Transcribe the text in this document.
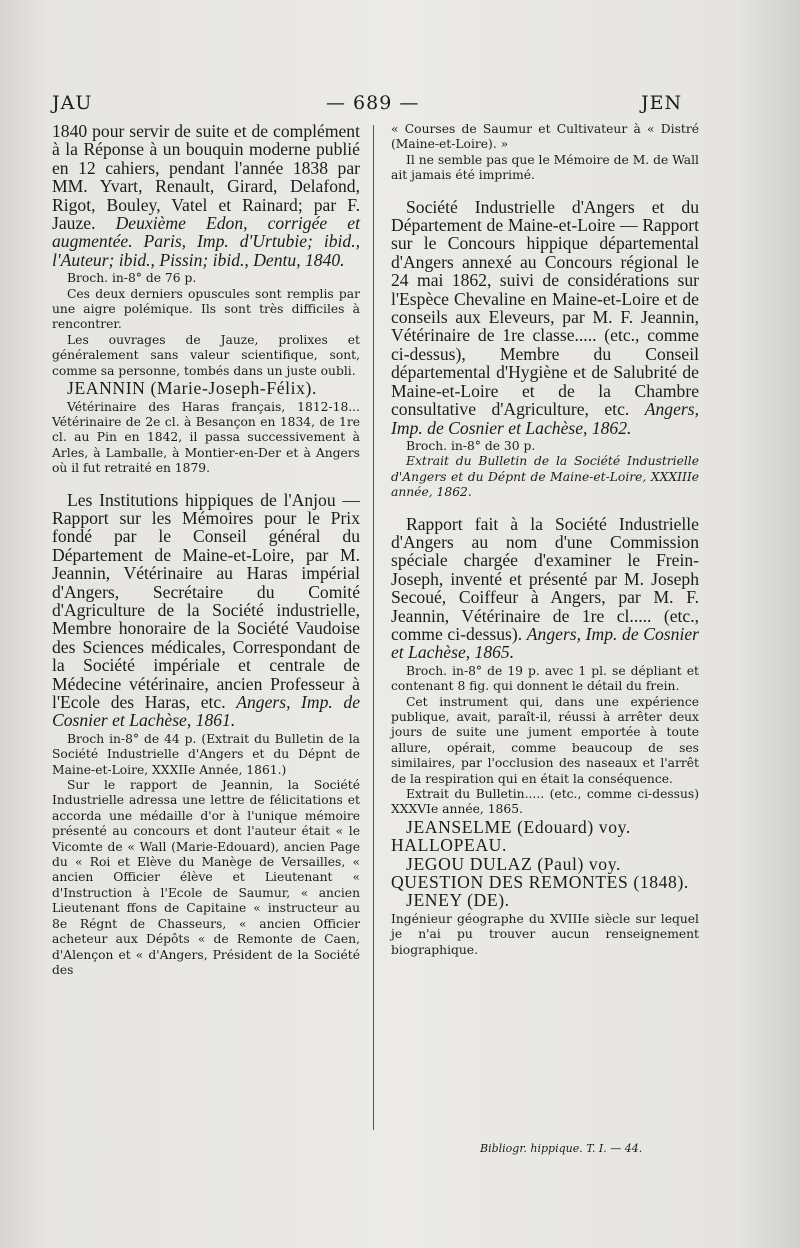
JAU	— 689 —	JEN

1840 pour servir de suite et de complément à la Réponse à un bouquin moderne publié en 12 cahiers, pendant l'année 1838 par MM. Yvart, Renault, Girard, Delafond, Rigot, Bouley, Vatel et Rainard; par F. Jauze. Deuxième Edon, corrigée et augmentée. Paris, Imp. d'Urtubie; ibid., l'Auteur; ibid., Pissin; ibid., Dentu, 1840.

Broch. in-8° de 76 p.

Ces deux derniers opuscules sont remplis par une aigre polémique. Ils sont très difficiles à rencontrer.

Les ouvrages de Jauze, prolixes et généralement sans valeur scientifique, sont, comme sa personne, tombés dans un juste oubli.

JEANNIN (Marie-Joseph-Félix).

Vétérinaire des Haras français, 1812-18... Vétérinaire de 2e cl. à Besançon en 1834, de 1re cl. au Pin en 1842, il passa successivement à Arles, à Lamballe, à Montier-en-Der et à Angers où il fut retraité en 1879.

Les Institutions hippiques de l'Anjou — Rapport sur les Mémoires pour le Prix fondé par le Conseil général du Département de Maine-et-Loire, par M. Jeannin, Vétérinaire au Haras impérial d'Angers, Secrétaire du Comité d'Agriculture de la Société industrielle, Membre honoraire de la Société Vaudoise des Sciences médicales, Correspondant de la Société impériale et centrale de Médecine vétérinaire, ancien Professeur à l'Ecole des Haras, etc. Angers, Imp. de Cosnier et Lachèse, 1861.

Broch in-8° de 44 p. (Extrait du Bulletin de la Société Industrielle d'Angers et du Dépnt de Maine-et-Loire, XXXIIe Année, 1861.)

Sur le rapport de Jeannin, la Société Industrielle adressa une lettre de félicitations et accorda une médaille d'or à l'unique mémoire présenté au concours et dont l'auteur était « le Vicomte de « Wall (Marie-Edouard), ancien Page du « Roi et Elève du Manège de Versailles, « ancien Officier élève et Lieutenant « d'Instruction à l'Ecole de Saumur, « ancien Lieutenant ffons de Capitaine « instructeur au 8e Régnt de Chasseurs, « ancien Officier acheteur aux Dépôts « de Remonte de Caen, d'Alençon et « d'Angers, Président de la Société des

« Courses de Saumur et Cultivateur à « Distré (Maine-et-Loire). »

Il ne semble pas que le Mémoire de M. de Wall ait jamais été imprimé.

Société Industrielle d'Angers et du Département de Maine-et-Loire — Rapport sur le Concours hippique départemental d'Angers annexé au Concours régional le 24 mai 1862, suivi de considérations sur l'Espèce Chevaline en Maine-et-Loire et de conseils aux Eleveurs, par M. F. Jeannin, Vétérinaire de 1re classe..... (etc., comme ci-dessus), Membre du Conseil départemental d'Hygiène et de Salubrité de Maine-et-Loire et de la Chambre consultative d'Agriculture, etc. Angers, Imp. de Cosnier et Lachèse, 1862.

Broch. in-8° de 30 p.

Extrait du Bulletin de la Société Industrielle d'Angers et du Dépnt de Maine-et-Loire, XXXIIIe année, 1862.

Rapport fait à la Société Industrielle d'Angers au nom d'une Commission spéciale chargée d'examiner le Frein-Joseph, inventé et présenté par M. Joseph Secoué, Coiffeur à Angers, par M. F. Jeannin, Vétérinaire de 1re cl..... (etc., comme ci-dessus). Angers, Imp. de Cosnier et Lachèse, 1865.

Broch. in-8° de 19 p. avec 1 pl. se dépliant et contenant 8 fig. qui donnent le détail du frein.

Cet instrument qui, dans une expérience publique, avait, paraît-il, réussi à arrêter deux jours de suite une jument emportée à toute allure, opérait, comme beaucoup de ses similaires, par l'occlusion des naseaux et l'arrêt de la respiration qui en était la conséquence.

Extrait du Bulletin..... (etc., comme ci-dessus) XXXVIe année, 1865.

JEANSELME (Edouard) voy. HALLOPEAU.

JEGOU DULAZ (Paul) voy. QUESTION DES REMONTES (1848).

JENEY (DE).

Ingénieur géographe du XVIIIe siècle sur lequel je n'ai pu trouver aucun renseignement biographique.

Bibliogr. hippique. T. I. — 44.
